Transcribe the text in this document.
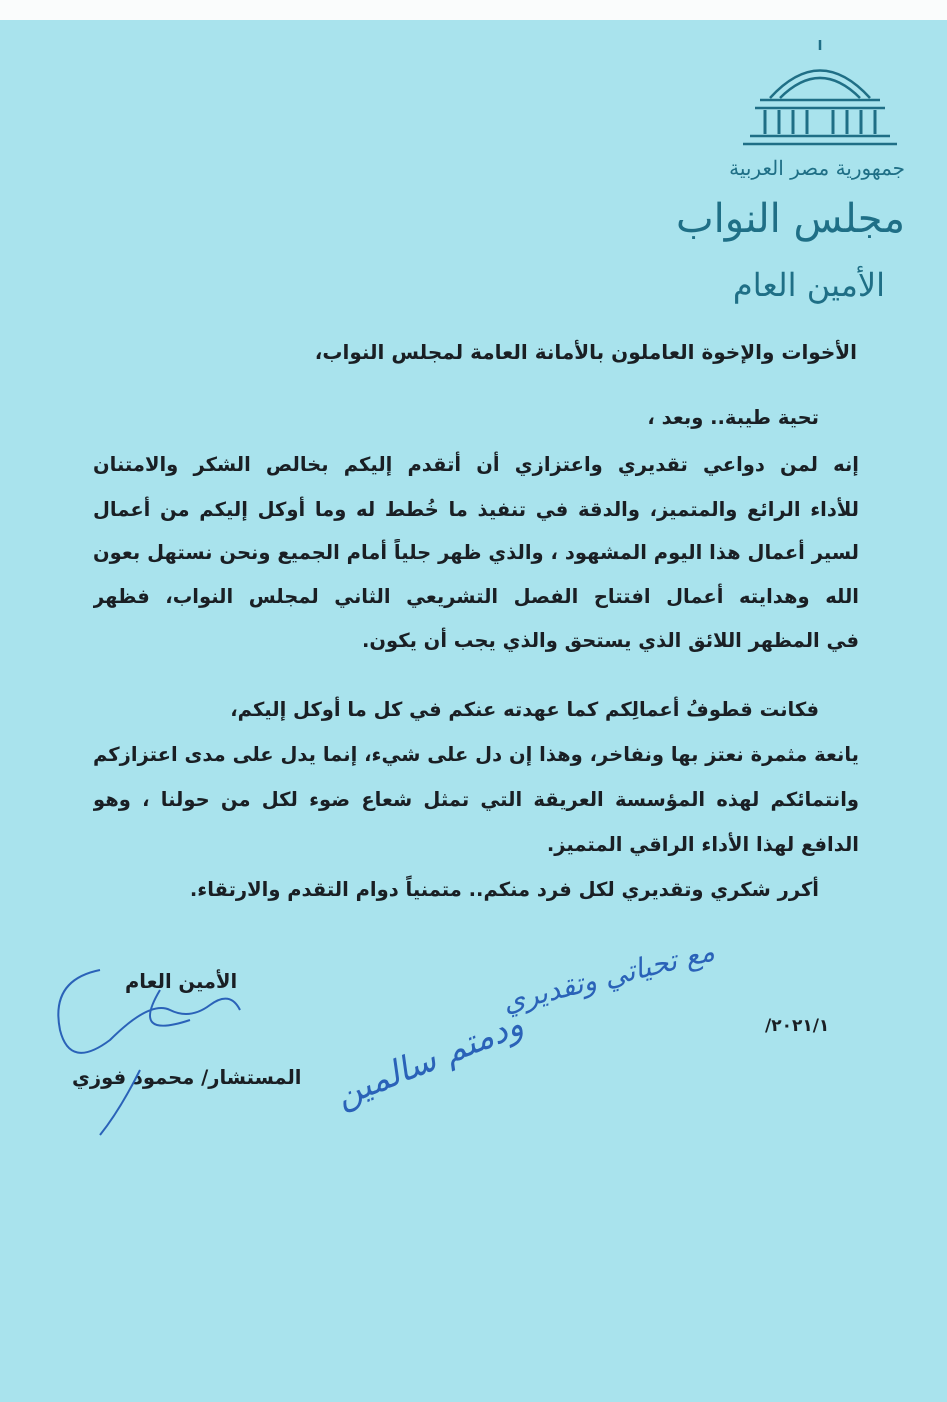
جمهورية مصر العربية
مجلس النواب
الأمين العام
الأخوات والإخوة العاملون بالأمانة العامة لمجلس النواب،
تحية طيبة.. وبعد ،
إنه لمن دواعي تقديري واعتزازي أن أتقدم إليكم بخالص الشكر والامتنان
للأداء الرائع والمتميز، والدقة في تنفيذ ما خُطط له وما أوكل إليكم من أعمال
لسير أعمال هذا اليوم المشهود ، والذي ظهر جلياً أمام الجميع ونحن نستهل بعون
الله وهدايته أعمال افتتاح الفصل التشريعي الثاني لمجلس النواب، فظهر
في المظهر اللائق الذي يستحق والذي يجب أن يكون.
فكانت قطوفُ أعمالِكم كما عهدته عنكم في كل ما أوكل إليكم،
يانعة مثمرة نعتز بها ونفاخر، وهذا إن دل على شيء، إنما يدل على مدى اعتزازكم
وانتمائكم لهذه المؤسسة العريقة التي تمثل شعاع ضوء لكل من حولنا ، وهو
الدافع لهذا الأداء الراقي المتميز.
أكرر شكري وتقديري لكل فرد منكم.. متمنياً دوام التقدم والارتقاء.
الأمين العام
٢٠٢١/١/
المستشار/ محمود فوزي
مع تحياتي وتقديري
ودمتم سالمين
